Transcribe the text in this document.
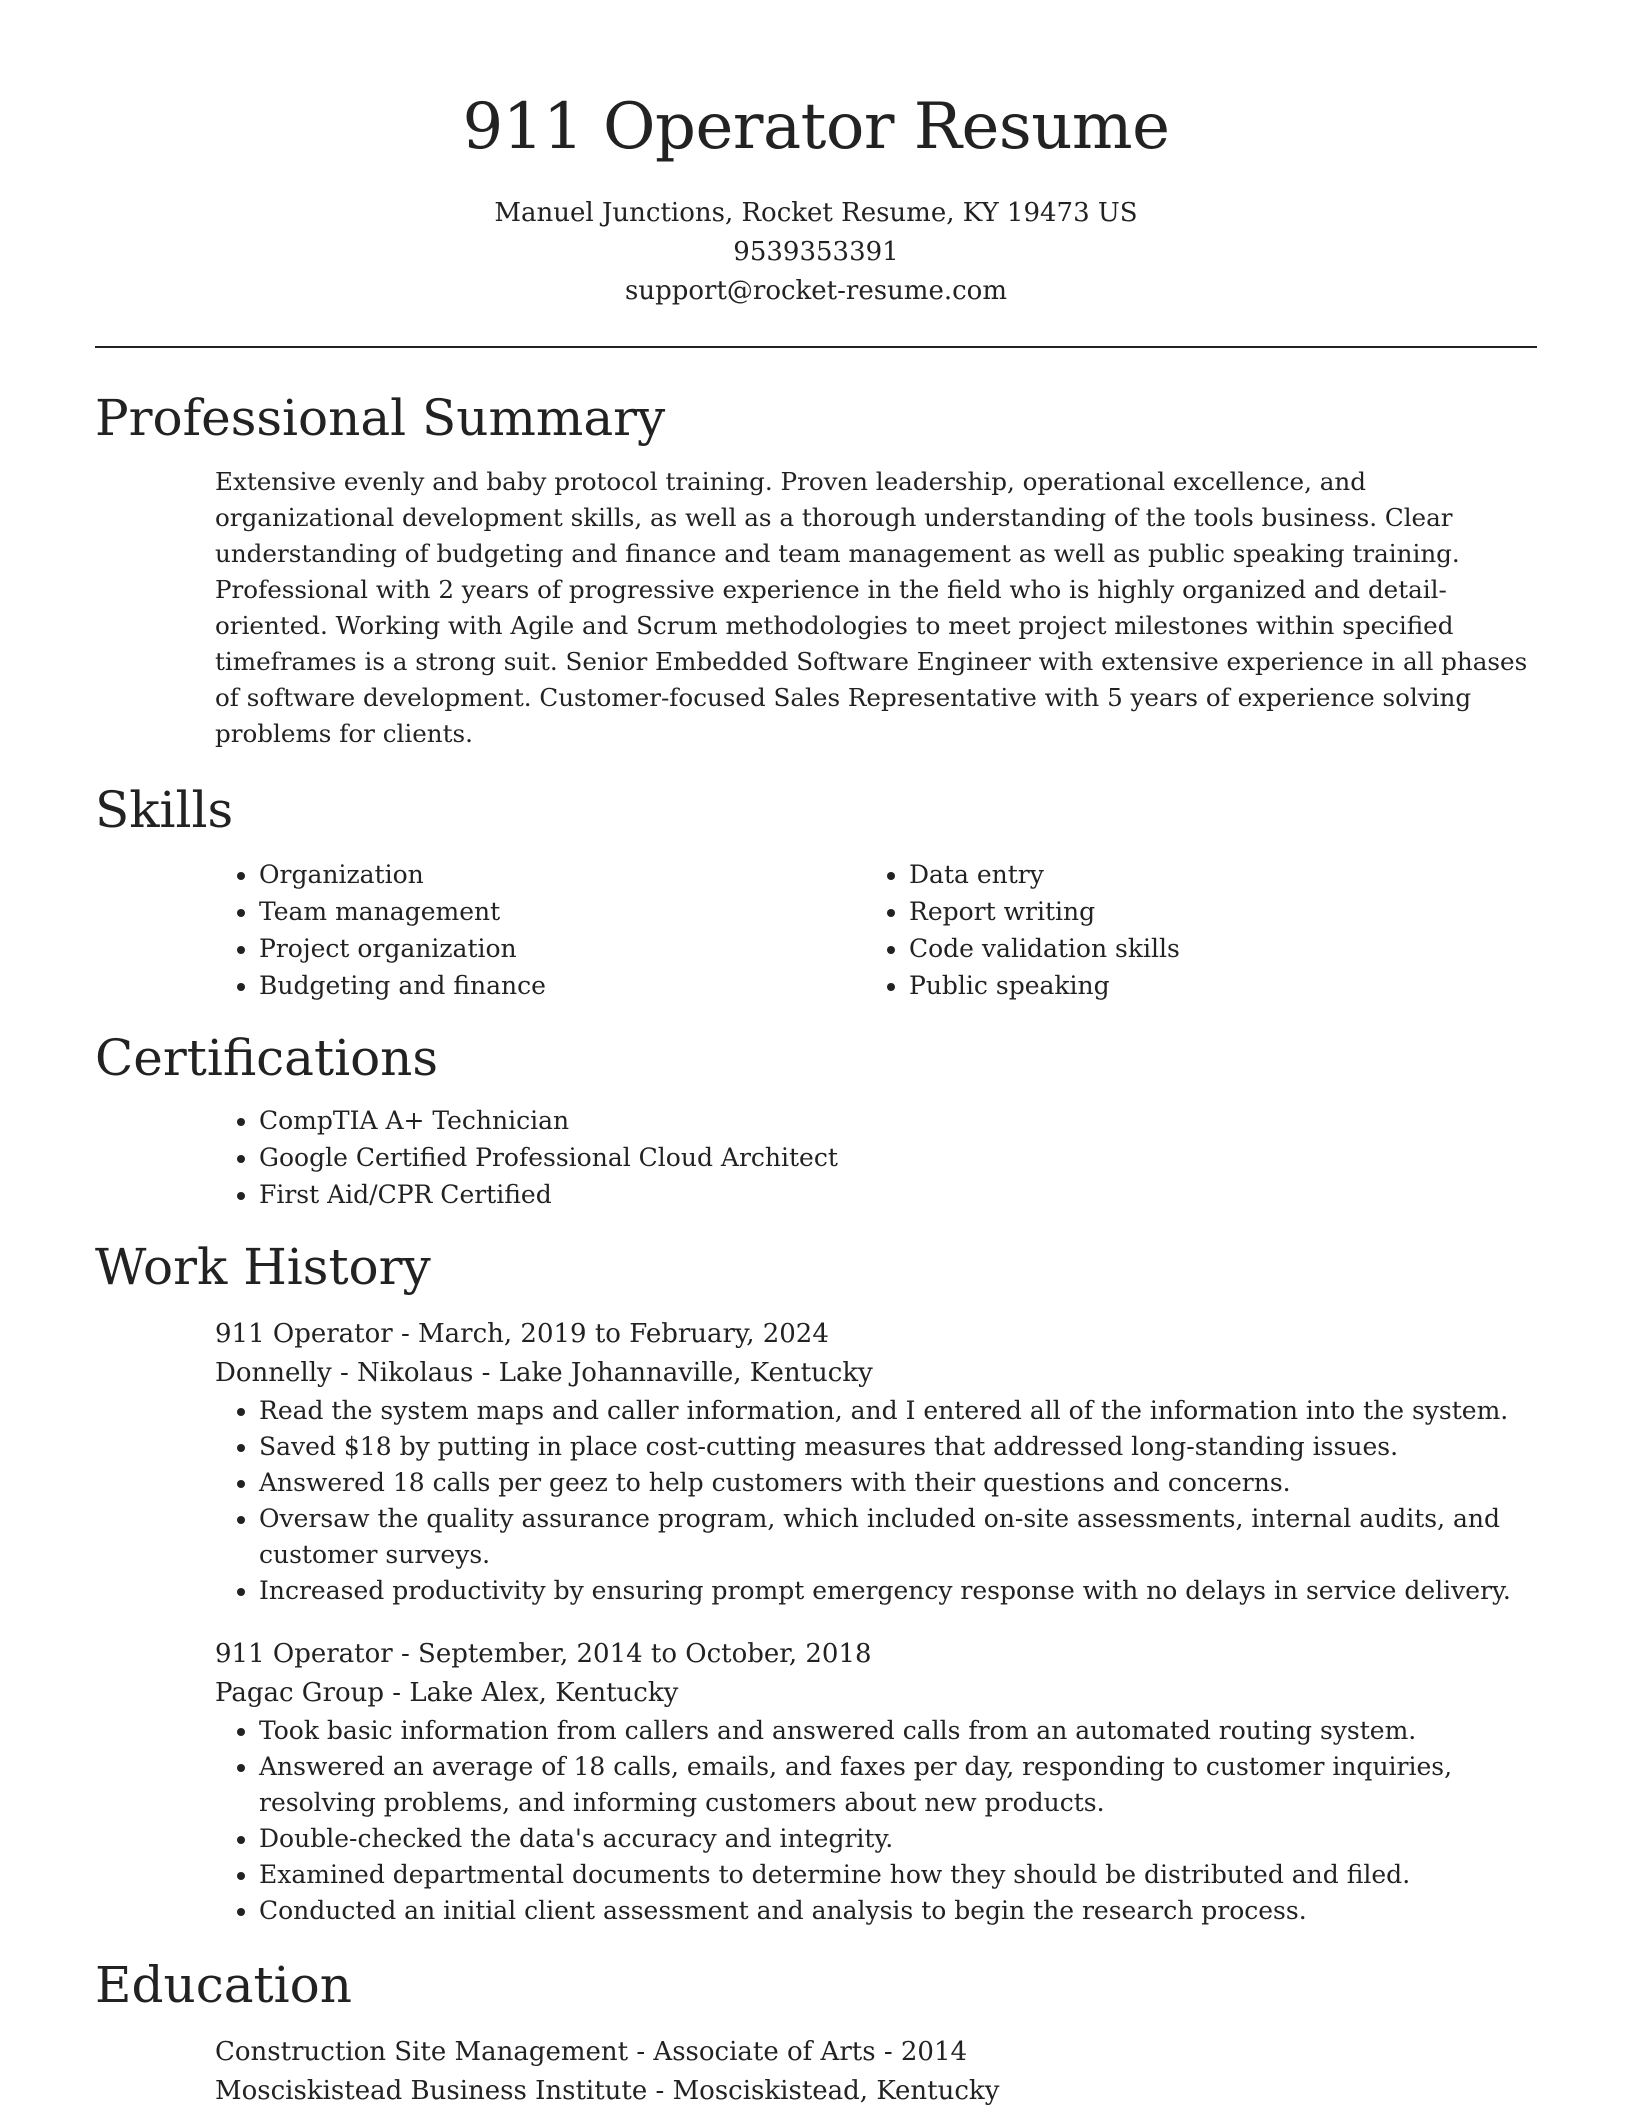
911 Operator Resume
Manuel Junctions, Rocket Resume, KY 19473 US
9539353391
support@rocket-resume.com
Professional Summary

Extensive evenly and baby protocol training. Proven leadership, operational excellence, and organizational development skills, as well as a thorough understanding of the tools business. Clear understanding of budgeting and finance and team management as well as public speaking training. Professional with 2 years of progressive experience in the field who is highly organized and detail-oriented. Working with Agile and Scrum methodologies to meet project milestones within specified timeframes is a strong suit. Senior Embedded Software Engineer with extensive experience in all phases of software development. Customer-focused Sales Representative with 5 years of experience solving problems for clients.

Skills
• Organization
• Team management
• Project organization
• Budgeting and finance
• Data entry
• Report writing
• Code validation skills
• Public speaking
Certifications
• CompTIA A+ Technician
• Google Certified Professional Cloud Architect
• First Aid/CPR Certified
Work History
911 Operator - March, 2019 to February, 2024
Donnelly - Nikolaus - Lake Johannaville, Kentucky
• Read the system maps and caller information, and I entered all of the information into the system.
• Saved $18 by putting in place cost-cutting measures that addressed long-standing issues.
• Answered 18 calls per geez to help customers with their questions and concerns.
• Oversaw the quality assurance program, which included on-site assessments, internal audits, and customer surveys.
• Increased productivity by ensuring prompt emergency response with no delays in service delivery.
911 Operator - September, 2014 to October, 2018
Pagac Group - Lake Alex, Kentucky
• Took basic information from callers and answered calls from an automated routing system.
• Answered an average of 18 calls, emails, and faxes per day, responding to customer inquiries, resolving problems, and informing customers about new products.
• Double-checked the data's accuracy and integrity.
• Examined departmental documents to determine how they should be distributed and filed.
• Conducted an initial client assessment and analysis to begin the research process.
Education
Construction Site Management - Associate of Arts - 2014
Mosciskistead Business Institute - Mosciskistead, Kentucky
